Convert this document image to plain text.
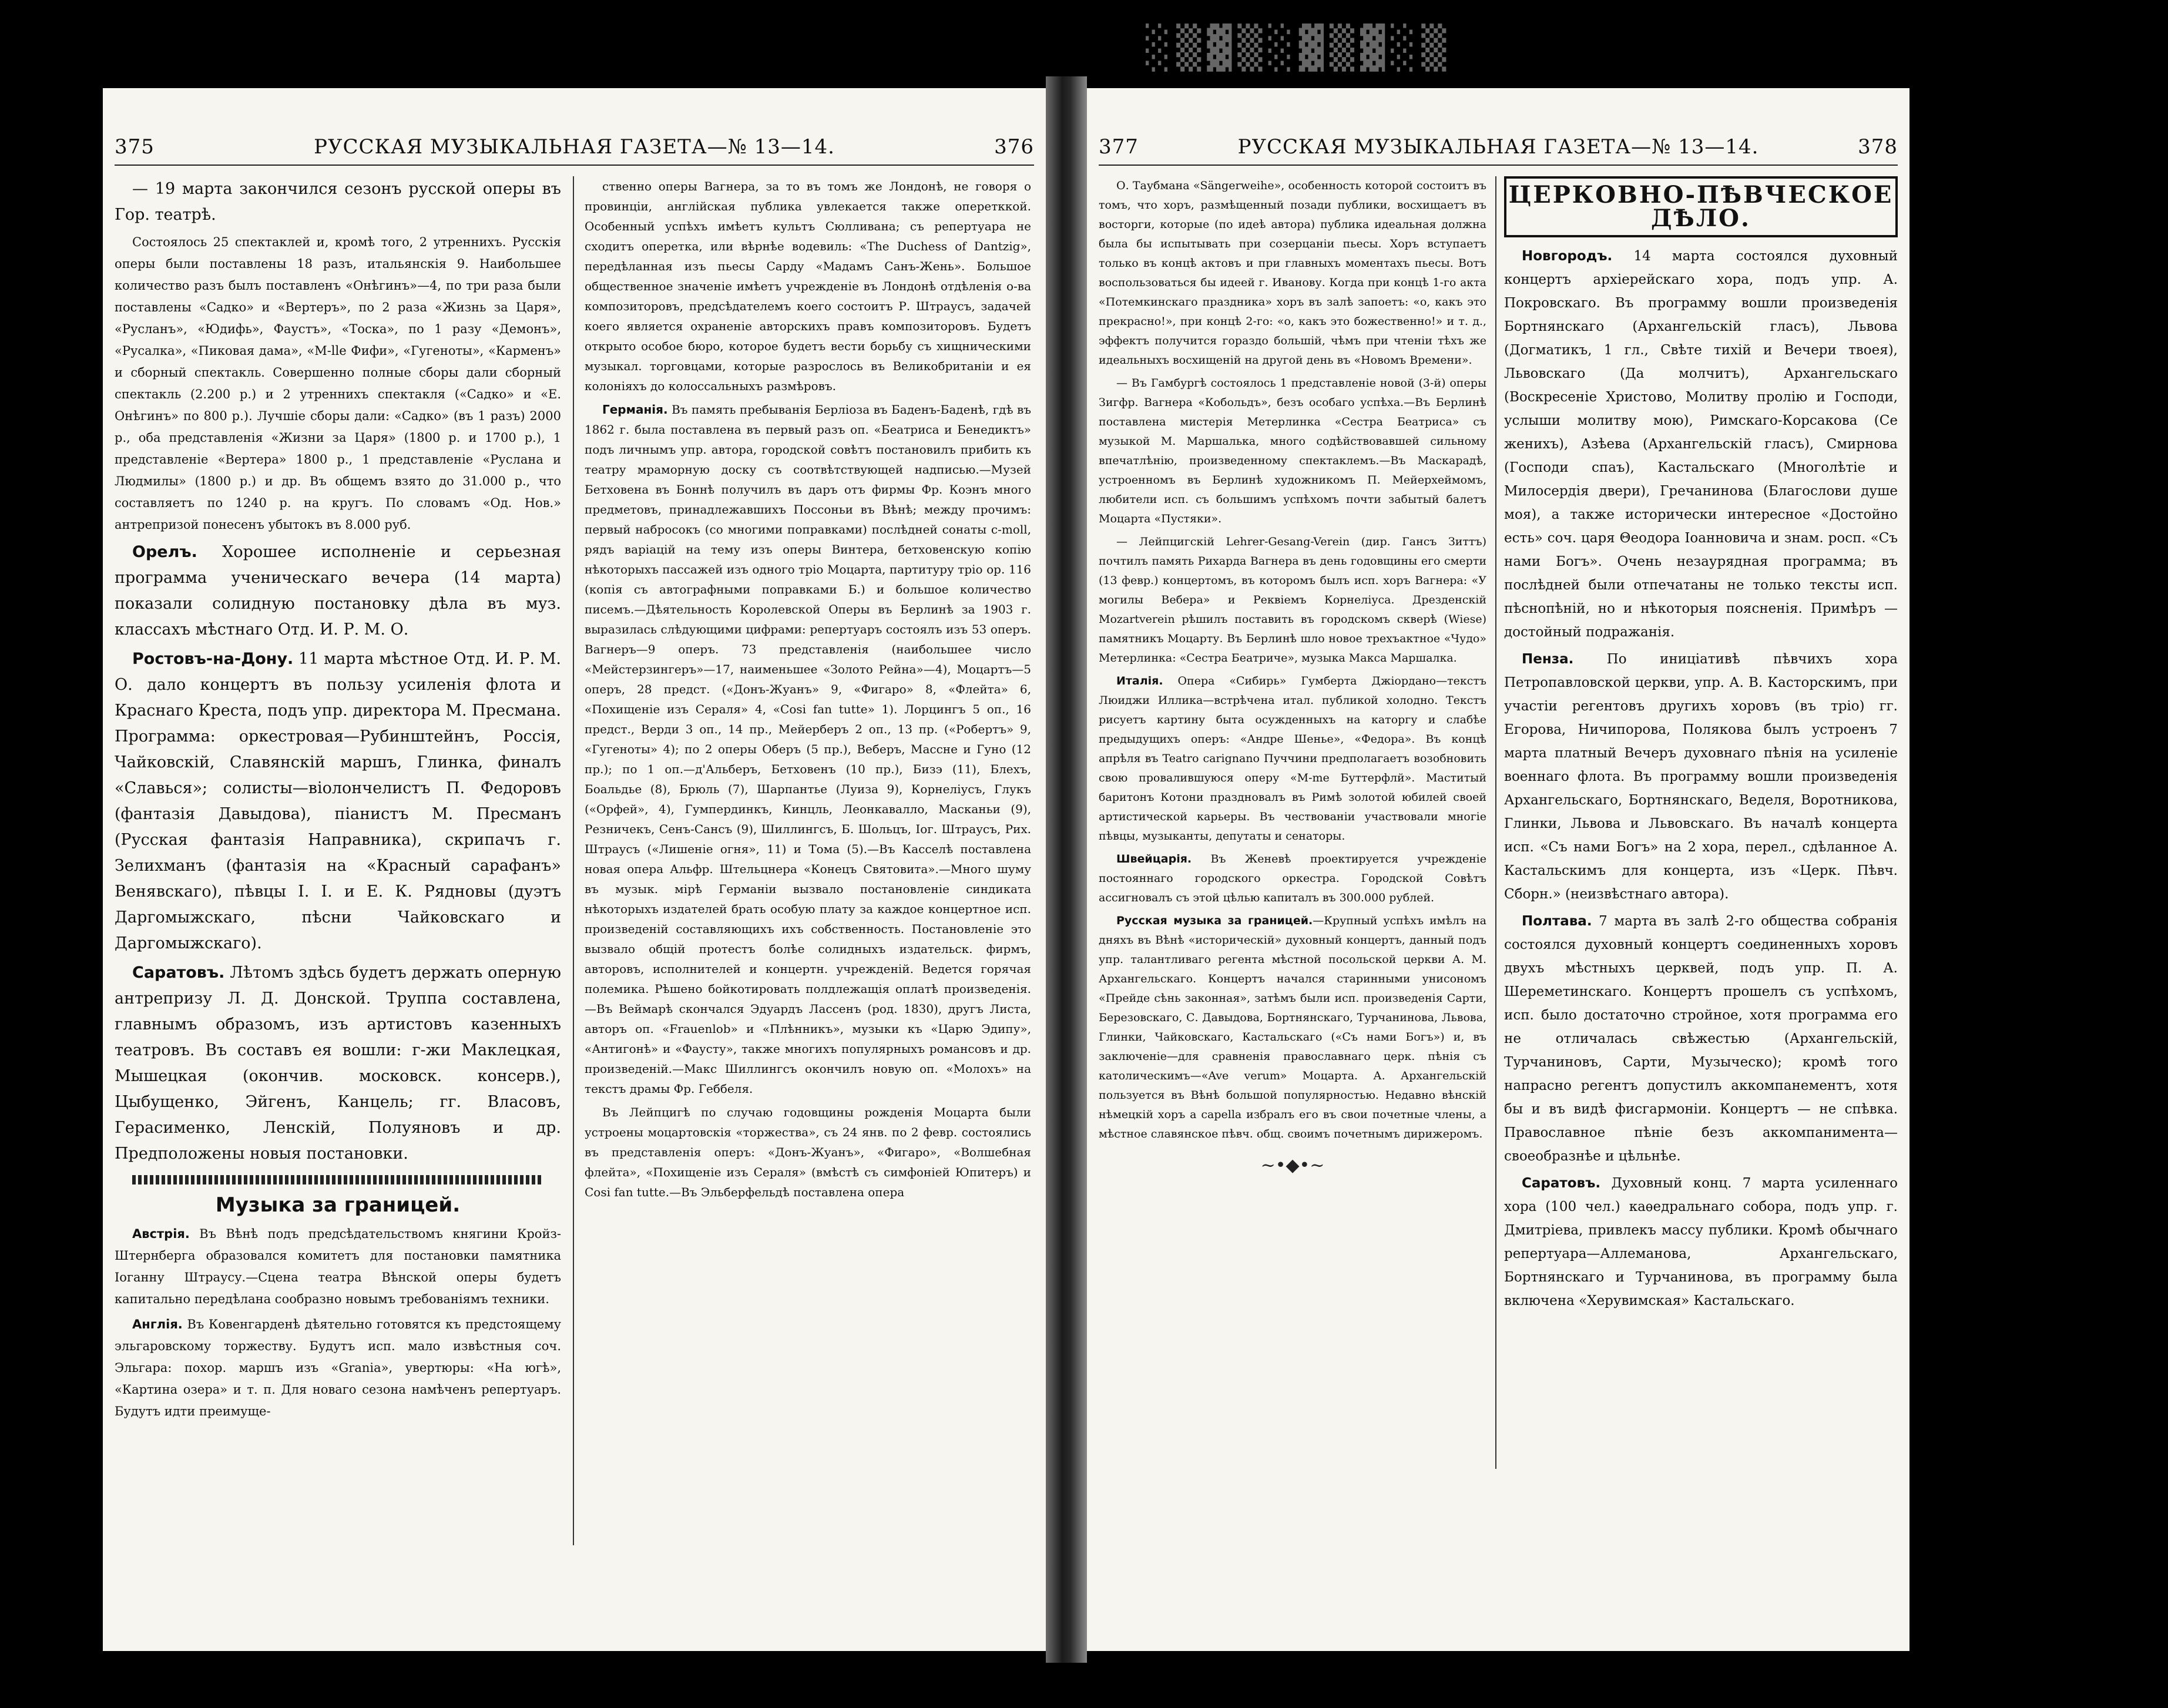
░▒▓▒░▓▒▓░▒
375	РУССКАЯ МУЗЫКАЛЬНАЯ ГАЗЕТА—№ 13—14.	376

— 19 марта закончился сезонъ русской оперы въ Гор. театрѣ.

Состоялось 25 спектаклей и, кромѣ того, 2 утреннихъ. Русскія оперы были поставлены 18 разъ, итальянскія 9. Наибольшее количество разъ былъ поставленъ «Онѣгинъ»—4, по три раза были поставлены «Садко» и «Вертеръ», по 2 раза «Жизнь за Царя», «Русланъ», «Юдифь», Фаустъ», «Тоска», по 1 разу «Демонъ», «Русалка», «Пиковая дама», «М-lle Фифи», «Гугеноты», «Карменъ» и сборный спектакль. Совершенно полные сборы дали сборный спектакль (2.200 р.) и 2 утреннихъ спектакля («Садко» и «Е. Онѣгинъ» по 800 р.). Лучшіе сборы дали: «Садко» (въ 1 разъ) 2000 р., оба представленія «Жизни за Царя» (1800 р. и 1700 р.), 1 представленіе «Вертера» 1800 р., 1 представленіе «Руслана и Людмилы» (1800 р.) и др. Въ общемъ взято до 31.000 р., что составляетъ по 1240 р. на кругъ. По словамъ «Од. Нов.» антрепризой понесенъ убытокъ въ 8.000 руб.

Орелъ. Хорошее исполненіе и серьезная программа ученическаго вечера (14 марта) показали солидную постановку дѣла въ муз. классахъ мѣстнаго Отд. И. Р. М. О.

Ростовъ-на-Дону. 11 марта мѣстное Отд. И. Р. М. О. дало концертъ въ пользу усиленія флота и Краснаго Креста, подъ упр. директора М. Пресмана. Программа: оркестровая—Рубинштейнъ, Россія, Чайковскій, Славянскій маршъ, Глинка, финалъ «Славься»; солисты—віолончелистъ П. Федоровъ (фантазія Давыдова), піанистъ М. Пресманъ (Русская фантазія Направника), скрипачъ г. Зелихманъ (фантазія на «Красный сарафанъ» Венявскаго), пѣвцы І. І. и Е. К. Рядновы (дуэтъ Даргомыжскаго, пѣсни Чайковскаго и Даргомыжскаго).

Саратовъ. Лѣтомъ здѣсь будетъ держать оперную антрепризу Л. Д. Донской. Труппа составлена, главнымъ образомъ, изъ артистовъ казенныхъ театровъ. Въ составъ ея вошли: г-жи Маклецкая, Мышецкая (окончив. московск. консерв.), Цыбущенко, Эйгенъ, Канцель; гг. Власовъ, Герасименко, Ленскій, Полуяновъ и др. Предположены новыя постановки.

Музыка за границей.

Австрія. Въ Вѣнѣ подъ предсѣдательствомъ княгини Кройз-Штернберга образовался комитетъ для постановки памятника Іоганну Штраусу.—Сцена театра Вѣнской оперы будетъ капитально передѣлана сообразно новымъ требованіямъ техники.

Англія. Въ Ковенгарденѣ дѣятельно готовятся къ предстоящему эльгаровскому торжеству. Будутъ исп. мало извѣстныя соч. Эльгара: похор. маршъ изъ «Grania», увертюры: «На югѣ», «Картина озера» и т. п. Для новаго сезона намѣченъ репертуаръ. Будутъ идти преимуще-

ственно оперы Вагнера, за то въ томъ же Лондонѣ, не говоря о провинціи, англійская публика увлекается также оперетккой. Особенный успѣхъ имѣетъ культъ Сюлливана; съ репертуара не сходитъ оперетка, или вѣрнѣе водевиль: «The Duchess of Dantzig», передѣланная изъ пьесы Сарду «Мадамъ Санъ-Жень». Большое общественное значеніе имѣетъ учрежденіе въ Лондонѣ отдѣленія о-ва композиторовъ, предсѣдателемъ коего состоитъ Р. Штраусъ, задачей коего является охраненіе авторскихъ правъ композиторовъ. Будетъ открыто особое бюро, которое будетъ вести борьбу съ хищническими музыкал. торговцами, которые разрослось въ Великобританіи и ея колоніяхъ до колоссальныхъ размѣровъ.

Германія. Въ память пребыванія Берліоза въ Баденъ-Баденѣ, гдѣ въ 1862 г. была поставлена въ первый разъ оп. «Беатриса и Бенедиктъ» подъ личнымъ упр. автора, городской совѣтъ постановилъ прибить къ театру мраморную доску съ соотвѣтствующей надписью.—Музей Бетховена въ Боннѣ получилъ въ даръ отъ фирмы Фр. Коэнъ много предметовъ, принадлежавшихъ Поссоньи въ Вѣнѣ; между прочимъ: первый набросокъ (со многими поправками) послѣдней сонаты c-moll, рядъ варіацій на тему изъ оперы Винтера, бетховенскую копію нѣкоторыхъ пассажей изъ одного тріо Моцарта, партитуру тріо ор. 116 (копія съ автографными поправками Б.) и большое количество писемъ.—Дѣятельность Королевской Оперы въ Берлинѣ за 1903 г. выразилась слѣдующими цифрами: репертуаръ состоялъ изъ 53 оперъ. Вагнеръ—9 оперъ. 73 представленія (наибольшее число «Мейстерзингеръ»—17, наименьшее «Золото Рейна»—4), Моцартъ—5 оперъ, 28 предст. («Донъ-Жуанъ» 9, «Фигаро» 8, «Флейта» 6, «Похищеніе изъ Сераля» 4, «Cosi fan tutte» 1). Лорцингъ 5 оп., 16 предст., Верди 3 оп., 14 пр., Мейерберъ 2 оп., 13 пр. («Робертъ» 9, «Гугеноты» 4); по 2 оперы Оберъ (5 пр.), Веберъ, Массне и Гуно (12 пр.); по 1 оп.—д'Альберъ, Бетховенъ (10 пр.), Бизэ (11), Блехъ, Боальдье (8), Брюль (7), Шарпантье (Луиза 9), Корнеліусъ, Глукъ («Орфей», 4), Гумпердинкъ, Кинцль, Леонкавалло, Масканьи (9), Резничекъ, Сенъ-Сансъ (9), Шиллингсъ, Б. Шольцъ, Іог. Штраусъ, Рих. Штраусъ («Лишеніе огня», 11) и Тома (5).—Въ Касселѣ поставлена новая опера Альфр. Штельцнера «Конецъ Святовита».—Много шуму въ музык. мірѣ Германіи вызвало постановленіе синдиката нѣкоторыхъ издателей брать особую плату за каждое концертное исп. произведеній составляющихъ ихъ собственность. Постановленіе это вызвало общій протестъ болѣе солидныхъ издательск. фирмъ, авторовъ, исполнителей и концертн. учрежденій. Ведется горячая полемика. Рѣшено бойкотировать полдлежащія оплатѣ произведенія.—Въ Веймарѣ скончался Эдуардъ Лассенъ (род. 1830), другъ Листа, авторъ оп. «Frauenlob» и «Плѣнникъ», музыки къ «Царю Эдипу», «Антигонѣ» и «Фаусту», также многихъ популярныхъ романсовъ и др. произведеній.—Макс Шиллингсъ окончилъ новую оп. «Молохъ» на текстъ драмы Фр. Геббеля.

Въ Лейпцигѣ по случаю годовщины рожденія Моцарта были устроены моцартовскія «торжества», съ 24 янв. по 2 февр. состоялись въ представленія оперъ: «Донъ-Жуанъ», «Фигаро», «Волшебная флейта», «Похищеніе изъ Сераля» (вмѣстѣ съ симфоніей Юпитеръ) и Cosi fan tutte.—Въ Эльберфельдѣ поставлена опера

377	РУССКАЯ МУЗЫКАЛЬНАЯ ГАЗЕТА—№ 13—14.	378

О. Таубмана «Sängerweihe», особенность которой состоитъ въ томъ, что хоръ, размѣщенный позади публики, восхищаетъ въ восторги, которые (по идеѣ автора) публика идеальная должна была бы испытывать при созерцаніи пьесы. Хоръ вступаетъ только въ концѣ актовъ и при главныхъ моментахъ пьесы. Вотъ воспользоваться бы идеей г. Иванову. Когда при концѣ 1-го акта «Потемкинскаго праздника» хоръ въ залѣ запоетъ: «о, какъ это прекрасно!», при концѣ 2-го: «о, какъ это божественно!» и т. д., эффектъ получится гораздо большій, чѣмъ при чтеніи тѣхъ же идеальныхъ восхищеній на другой день въ «Новомъ Времени».

— Въ Гамбургѣ состоялось 1 представленіе новой (3-й) оперы Зигфр. Вагнера «Кобольдъ», безъ особаго успѣха.—Въ Берлинѣ поставлена мистерія Метерлинка «Сестра Беатриса» съ музыкой М. Маршалька, много содѣйствовавшей сильному впечатлѣнію, произведенному спектаклемъ.—Въ Маскарадѣ, устроенномъ въ Берлинѣ художникомъ П. Мейерхеймомъ, любители исп. съ большимъ успѣхомъ почти забытый балетъ Моцарта «Пустяки».

— Лейпцигскій Lehrer-Gesang-Verein (дир. Гансъ Зиттъ) почтилъ память Рихарда Вагнера въ день годовщины его смерти (13 февр.) концертомъ, въ которомъ былъ исп. хоръ Вагнера: «У могилы Вебера» и Реквіемъ Корнеліуса. Дрезденскій Mozartverein рѣшилъ поставить въ городскомъ скверѣ (Wiese) памятникъ Моцарту. Въ Берлинѣ шло новое трехъактное «Чудо» Метерлинка: «Сестра Беатриче», музыка Макса Маршалка.

Италія. Опера «Сибирь» Гумберта Джіордано—текстъ Люиджи Иллика—встрѣчена итал. публикой холодно. Текстъ рисуетъ картину быта осужденныхъ на каторгу и слабѣе предыдущихъ оперъ: «Андре Шенье», «Федора». Въ концѣ апрѣля въ Teatro carignano Пуччини предполагаетъ возобновить свою провалившуюся оперу «М-me Буттерфлй». Маститый баритонъ Котони праздновалъ въ Римѣ золотой юбилей своей артистической карьеры. Въ чествованіи участвовали многіе пѣвцы, музыканты, депутаты и сенаторы.

Швейцарія. Въ Женевѣ проектируется учрежденіе постояннаго городского оркестра. Городской Совѣтъ ассигновалъ съ этой цѣлью капиталъ въ 300.000 рублей.

Русская музыка за границей.—Крупный успѣхъ имѣлъ на дняхъ въ Вѣнѣ «историческій» духовный концертъ, данный подъ упр. талантливаго регента мѣстной посольской церкви А. М. Архангельскаго. Концертъ начался старинными унисономъ «Прейде сѣнь законная», затѣмъ были исп. произведенія Сарти, Березовскаго, С. Давыдова, Бортнянскаго, Турчанинова, Львова, Глинки, Чайковскаго, Кастальскаго («Съ нами Богъ») и, въ заключеніе—для сравненія православнаго церк. пѣнія съ католическимъ—«Ave verum» Моцарта. А. Архангельскій пользуется въ Вѣнѣ большой популярностью. Недавно вѣнскій нѣмецкій хоръ a capella избралъ его въ свои почетные члены, а мѣстное славянское пѣвч. общ. своимъ почетнымъ дирижеромъ.

~•◆•~
ЦЕРКОВНО-ПѢВЧЕСКОЕ ДѢЛО.

Новгородъ. 14 марта состоялся духовный концертъ архіерейскаго хора, подъ упр. А. Покровскаго. Въ программу вошли произведенія Бортнянскаго (Архангельскій гласъ), Львова (Догматикъ, 1 гл., Свѣте тихій и Вечери твоея), Львовскаго (Да молчитъ), Архангельскаго (Воскресеніе Христово, Молитву пролію и Господи, услыши молитву мою), Римскаго-Корсакова (Се женихъ), Азѣева (Архангельскій гласъ), Смирнова (Господи спаъ), Кастальскаго (Многолѣтіе и Милосердія двери), Гречанинова (Благослови душе моя), а также исторически интересное «Достойно есть» соч. царя Θеодора Іоанновича и знам. росп. «Съ нами Богъ». Очень незаурядная программа; въ послѣдней были отпечатаны не только тексты исп. пѣснопѣній, но и нѣкоторыя поясненія. Примѣръ — достойный подражанія.

Пенза. По иниціативѣ пѣвчихъ хора Петропавловской церкви, упр. А. В. Касторскимъ, при участіи регентовъ другихъ хоровъ (въ тріо) гг. Егорова, Ничипорова, Полякова былъ устроенъ 7 марта платный Вечеръ духовнаго пѣнія на усиленіе военнаго флота. Въ программу вошли произведенія Архангельскаго, Бортнянскаго, Веделя, Воротникова, Глинки, Львова и Львовскаго. Въ началѣ концерта исп. «Съ нами Богъ» на 2 хора, перел., сдѣланное А. Кастальскимъ для концерта, изъ «Церк. Пѣвч. Сборн.» (неизвѣстнаго автора).

Полтава. 7 марта въ залѣ 2-го общества собранія состоялся духовный концертъ соединенныхъ хоровъ двухъ мѣстныхъ церквей, подъ упр. П. А. Шереметинскаго. Концертъ прошелъ съ успѣхомъ, исп. было достаточно стройное, хотя программа его не отличалась свѣжестью (Архангельскій, Турчаниновъ, Сарти, Музыческо); кромѣ того напрасно регентъ допустилъ аккомпанементъ, хотя бы и въ видѣ фисгармоніи. Концертъ — не спѣвка. Православное пѣніе безъ аккомпанимента—своеобразнѣе и цѣльнѣе.

Саратовъ. Духовный конц. 7 марта усиленнаго хора (100 чел.) каѳедральнаго собора, подъ упр. г. Дмитріева, привлекъ массу публики. Кромѣ обычнаго репертуара—Аллеманова, Архангельскаго, Бортнянскаго и Турчанинова, въ программу была включена «Херувимская» Кастальскаго.
